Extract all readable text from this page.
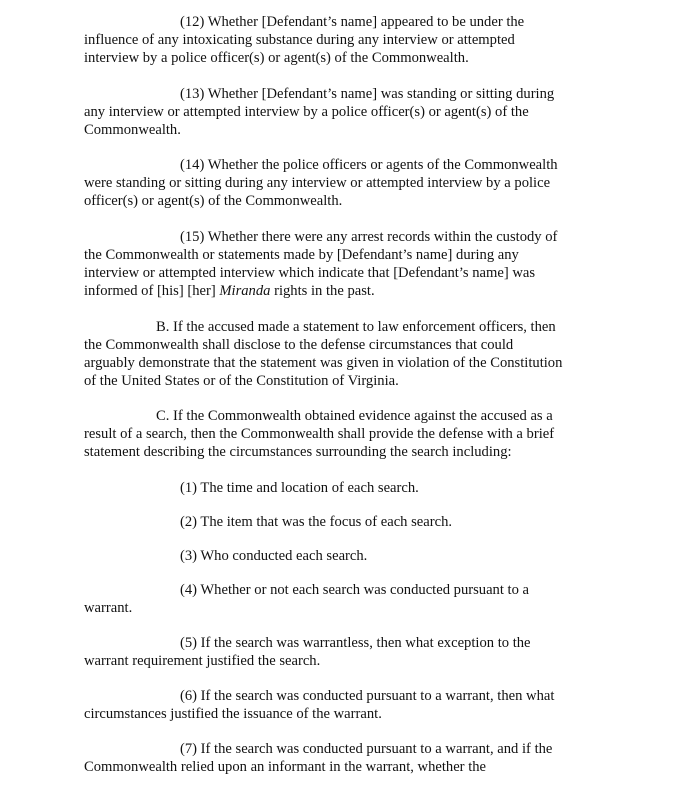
(12) Whether [Defendant’s name] appeared to be under the
influence of any intoxicating substance during any interview or attempted
interview by a police officer(s) or agent(s) of the Commonwealth.

(13) Whether [Defendant’s name] was standing or sitting during
any interview or attempted interview by a police officer(s) or agent(s) of the
Commonwealth.

(14) Whether the police officers or agents of the Commonwealth
were standing or sitting during any interview or attempted interview by a police
officer(s) or agent(s) of the Commonwealth.

(15) Whether there were any arrest records within the custody of
the Commonwealth or statements made by [Defendant’s name] during any
interview or attempted interview which indicate that [Defendant’s name] was
informed of [his] [her] Miranda rights in the past.

B. If the accused made a statement to law enforcement officers, then
the Commonwealth shall disclose to the defense circumstances that could
arguably demonstrate that the statement was given in violation of the Constitution
of the United States or of the Constitution of Virginia.

C. If the Commonwealth obtained evidence against the accused as a
result of a search, then the Commonwealth shall provide the defense with a brief
statement describing the circumstances surrounding the search including:

(1) The time and location of each search.

(2) The item that was the focus of each search.

(3) Who conducted each search.

(4) Whether or not each search was conducted pursuant to a
warrant.

(5) If the search was warrantless, then what exception to the
warrant requirement justified the search.

(6) If the search was conducted pursuant to a warrant, then what
circumstances justified the issuance of the warrant.

(7) If the search was conducted pursuant to a warrant, and if the
Commonwealth relied upon an informant in the warrant, whether the
